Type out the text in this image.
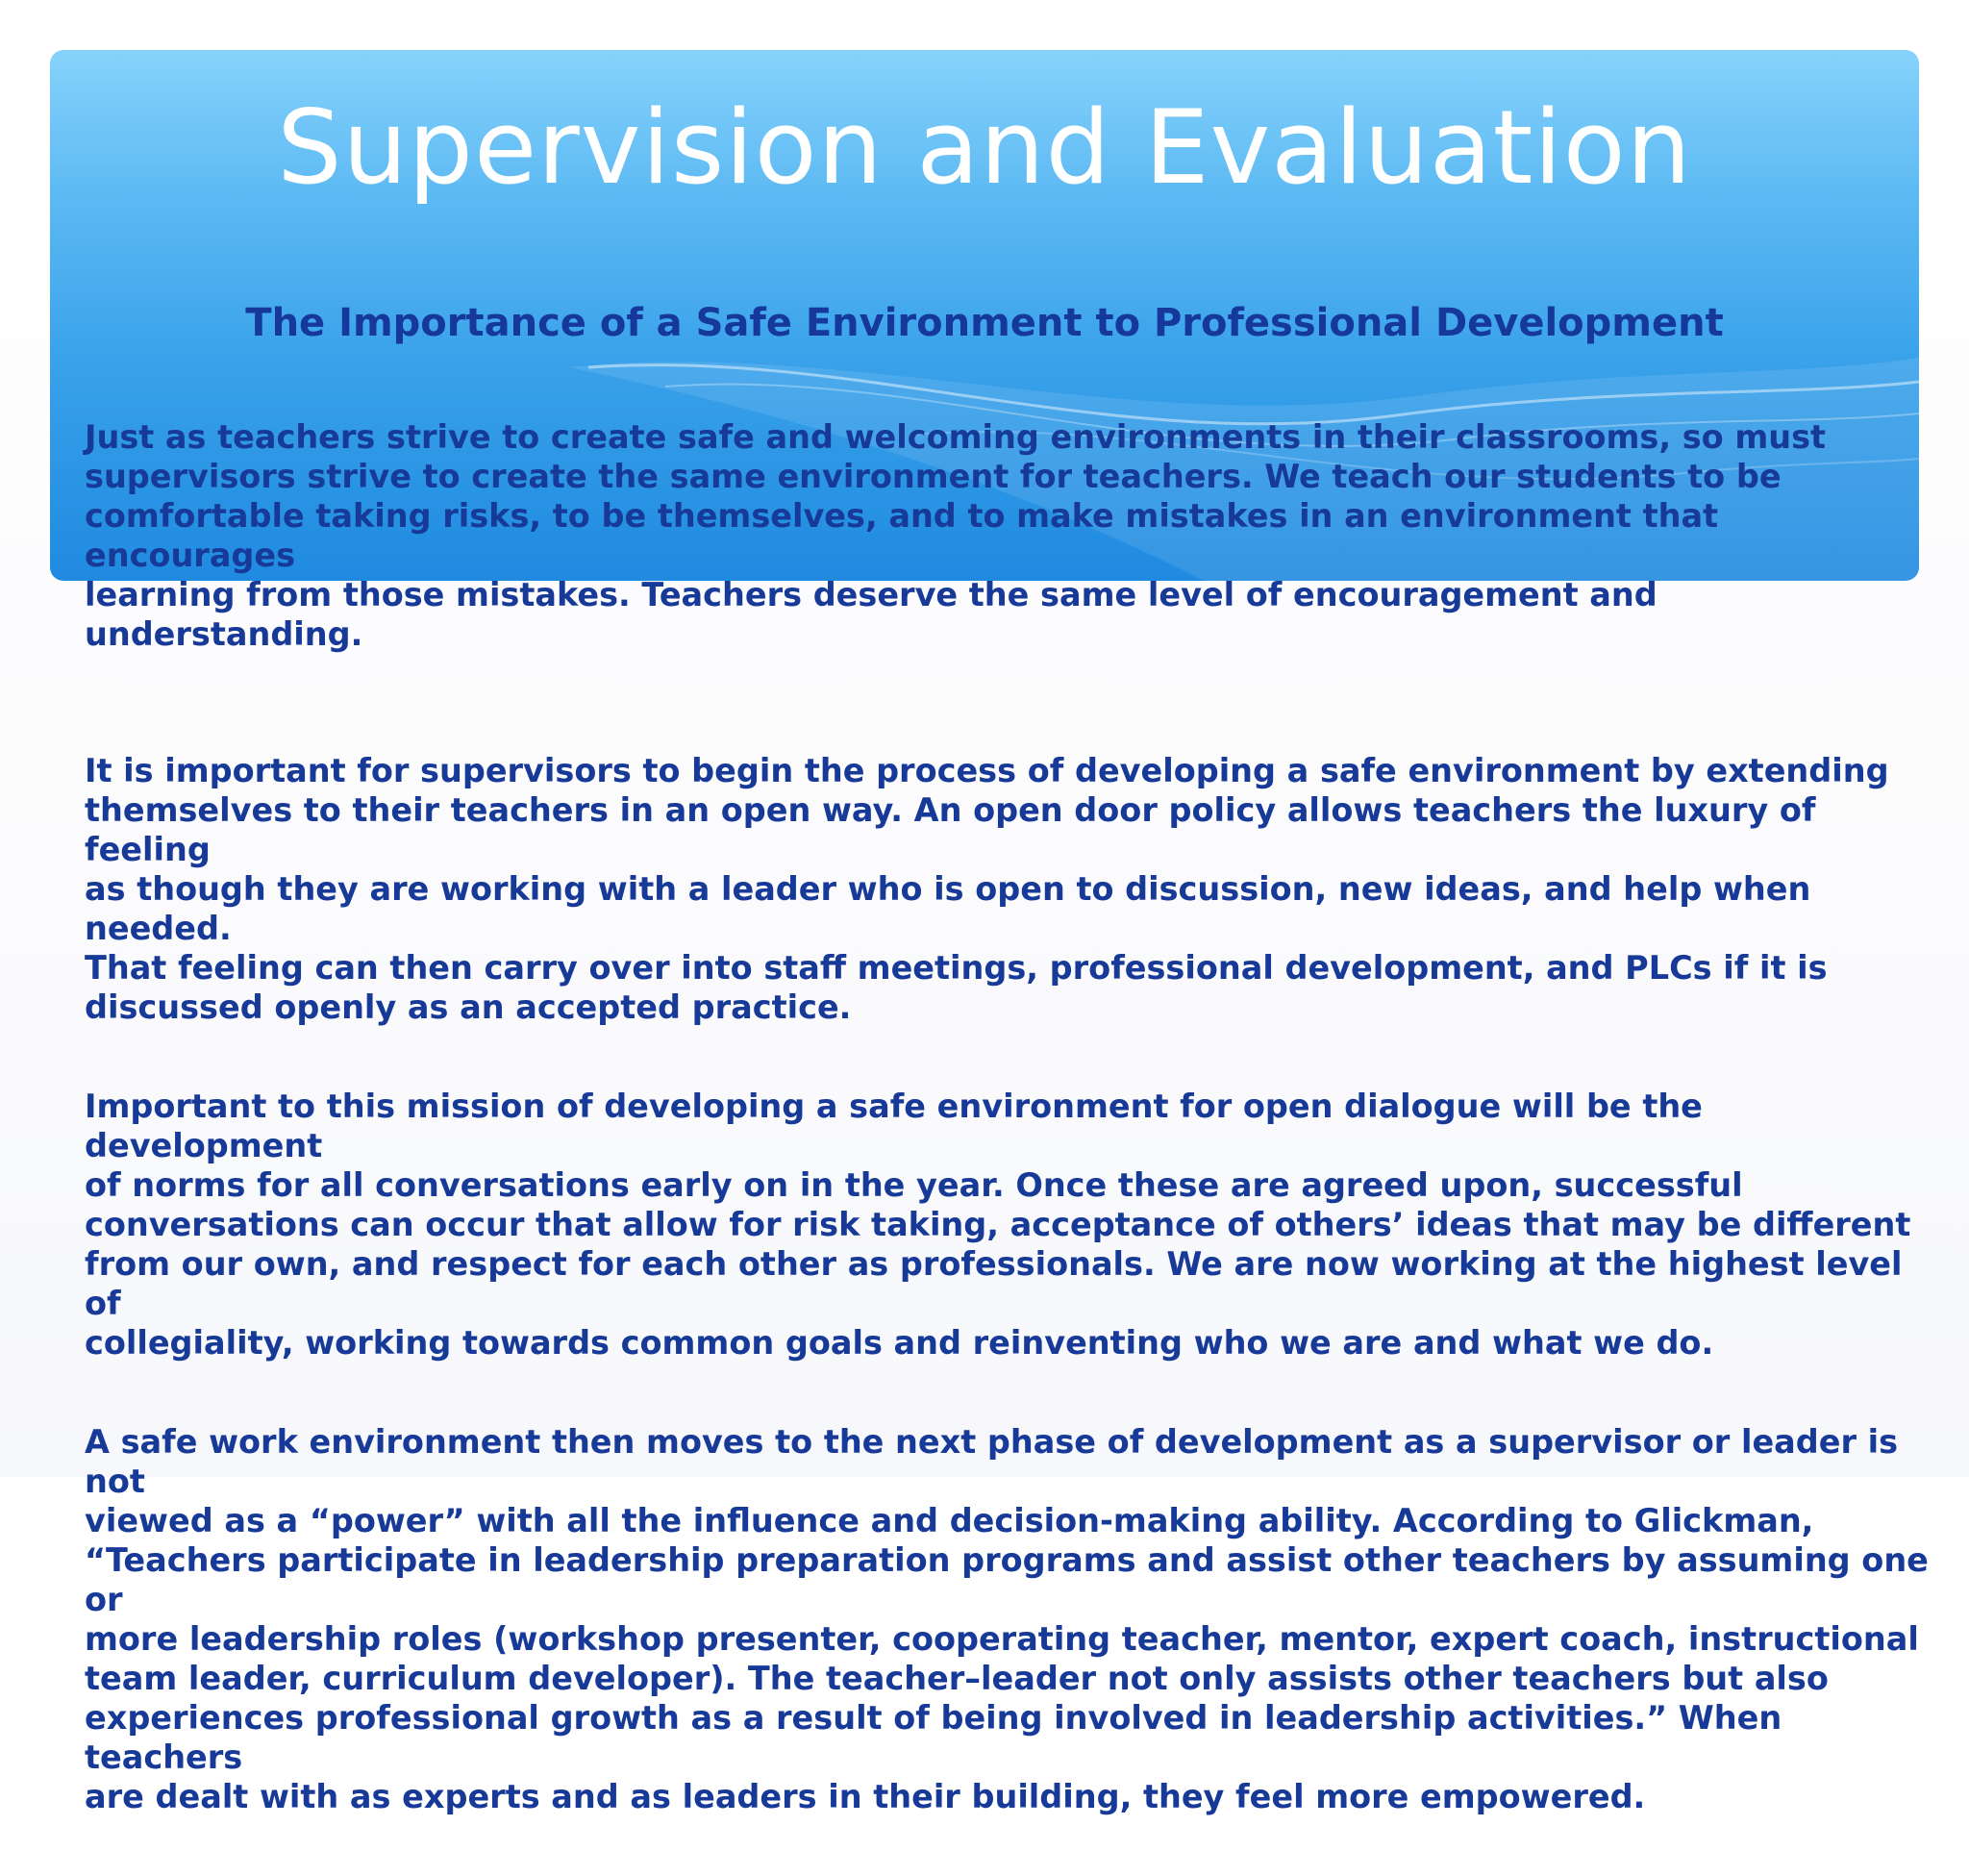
Supervision and Evaluation
The Importance of a Safe Environment to Professional Development

Just as teachers strive to create safe and welcoming environments in their classrooms, so must
supervisors strive to create the same environment for teachers. We teach our students to be
comfortable taking risks, to be themselves, and to make mistakes in an environment that encourages
learning from those mistakes. Teachers deserve the same level of encouragement and understanding.

It is important for supervisors to begin the process of developing a safe environment by extending
themselves to their teachers in an open way. An open door policy allows teachers the luxury of feeling
as though they are working with a leader who is open to discussion, new ideas, and help when needed.
That feeling can then carry over into staff meetings, professional development, and PLCs if it is
discussed openly as an accepted practice.

Important to this mission of developing a safe environment for open dialogue will be the development
of norms for all conversations early on in the year. Once these are agreed upon, successful
conversations can occur that allow for risk taking, acceptance of others’ ideas that may be different
from our own, and respect for each other as professionals. We are now working at the highest level of
collegiality, working towards common goals and reinventing who we are and what we do.

A safe work environment then moves to the next phase of development as a supervisor or leader is not
viewed as a “power” with all the influence and decision-making ability. According to Glickman,
“Teachers participate in leadership preparation programs and assist other teachers by assuming one or
more leadership roles (workshop presenter, cooperating teacher, mentor, expert coach, instructional
team leader, curriculum developer). The teacher–leader not only assists other teachers but also
experiences professional growth as a result of being involved in leadership activities.” When teachers
are dealt with as experts and as leaders in their building, they feel more empowered.
